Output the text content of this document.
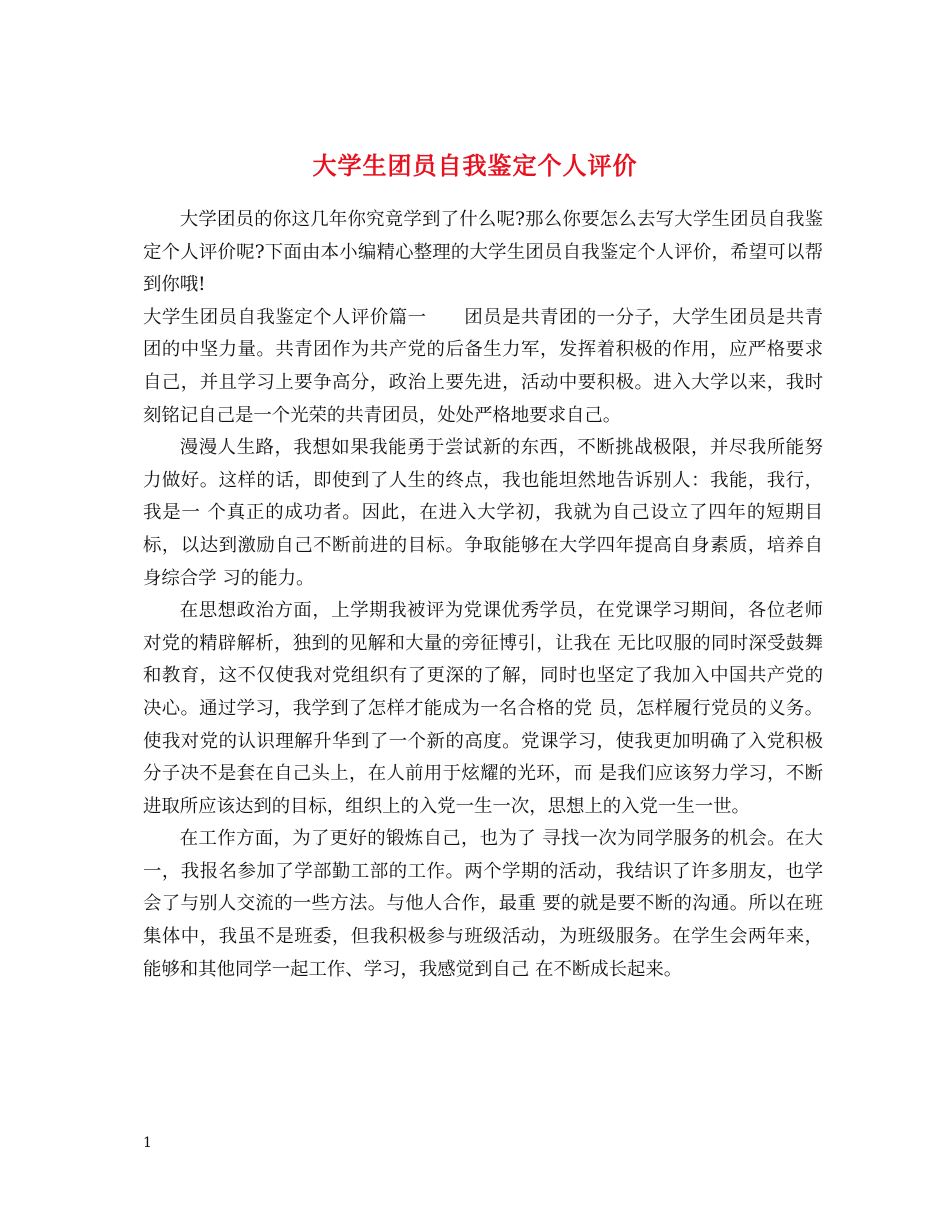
大学生团员自我鉴定个人评价

大学团员的你这几年你究竟学到了什么呢?那么你要怎么去写大学生团员自我鉴定个人评价呢?下面由本小编精心整理的大学生团员自我鉴定个人评价，希望可以帮到你哦!

大学生团员自我鉴定个人评价篇一　　团员是共青团的一分子，大学生团员是共青团的中坚力量。共青团作为共产党的后备生力军，发挥着积极的作用，应严格要求自己，并且学习上要争高分，政治上要先进，活动中要积极。进入大学以来，我时刻铭记自己是一个光荣的共青团员，处处严格地要求自己。

漫漫人生路，我想如果我能勇于尝试新的东西，不断挑战极限，并尽我所能努力做好。这样的话，即使到了人生的终点，我也能坦然地告诉别人：我能，我行，我是一 个真正的成功者。因此，在进入大学初，我就为自己设立了四年的短期目标，以达到激励自己不断前进的目标。争取能够在大学四年提高自身素质，培养自身综合学 习的能力。

在思想政治方面，上学期我被评为党课优秀学员，在党课学习期间，各位老师对党的精辟解析，独到的见解和大量的旁征博引，让我在 无比叹服的同时深受鼓舞和教育，这不仅使我对党组织有了更深的了解，同时也坚定了我加入中国共产党的决心。通过学习，我学到了怎样才能成为一名合格的党 员，怎样履行党员的义务。使我对党的认识理解升华到了一个新的高度。党课学习，使我更加明确了入党积极分子决不是套在自己头上，在人前用于炫耀的光环，而 是我们应该努力学习，不断进取所应该达到的目标，组织上的入党一生一次，思想上的入党一生一世。

在工作方面，为了更好的锻炼自己，也为了 寻找一次为同学服务的机会。在大一，我报名参加了学部勤工部的工作。两个学期的活动，我结识了许多朋友，也学会了与别人交流的一些方法。与他人合作，最重 要的就是要不断的沟通。所以在班集体中，我虽不是班委，但我积极参与班级活动，为班级服务。在学生会两年来，能够和其他同学一起工作、学习，我感觉到自己 在不断成长起来。

1
